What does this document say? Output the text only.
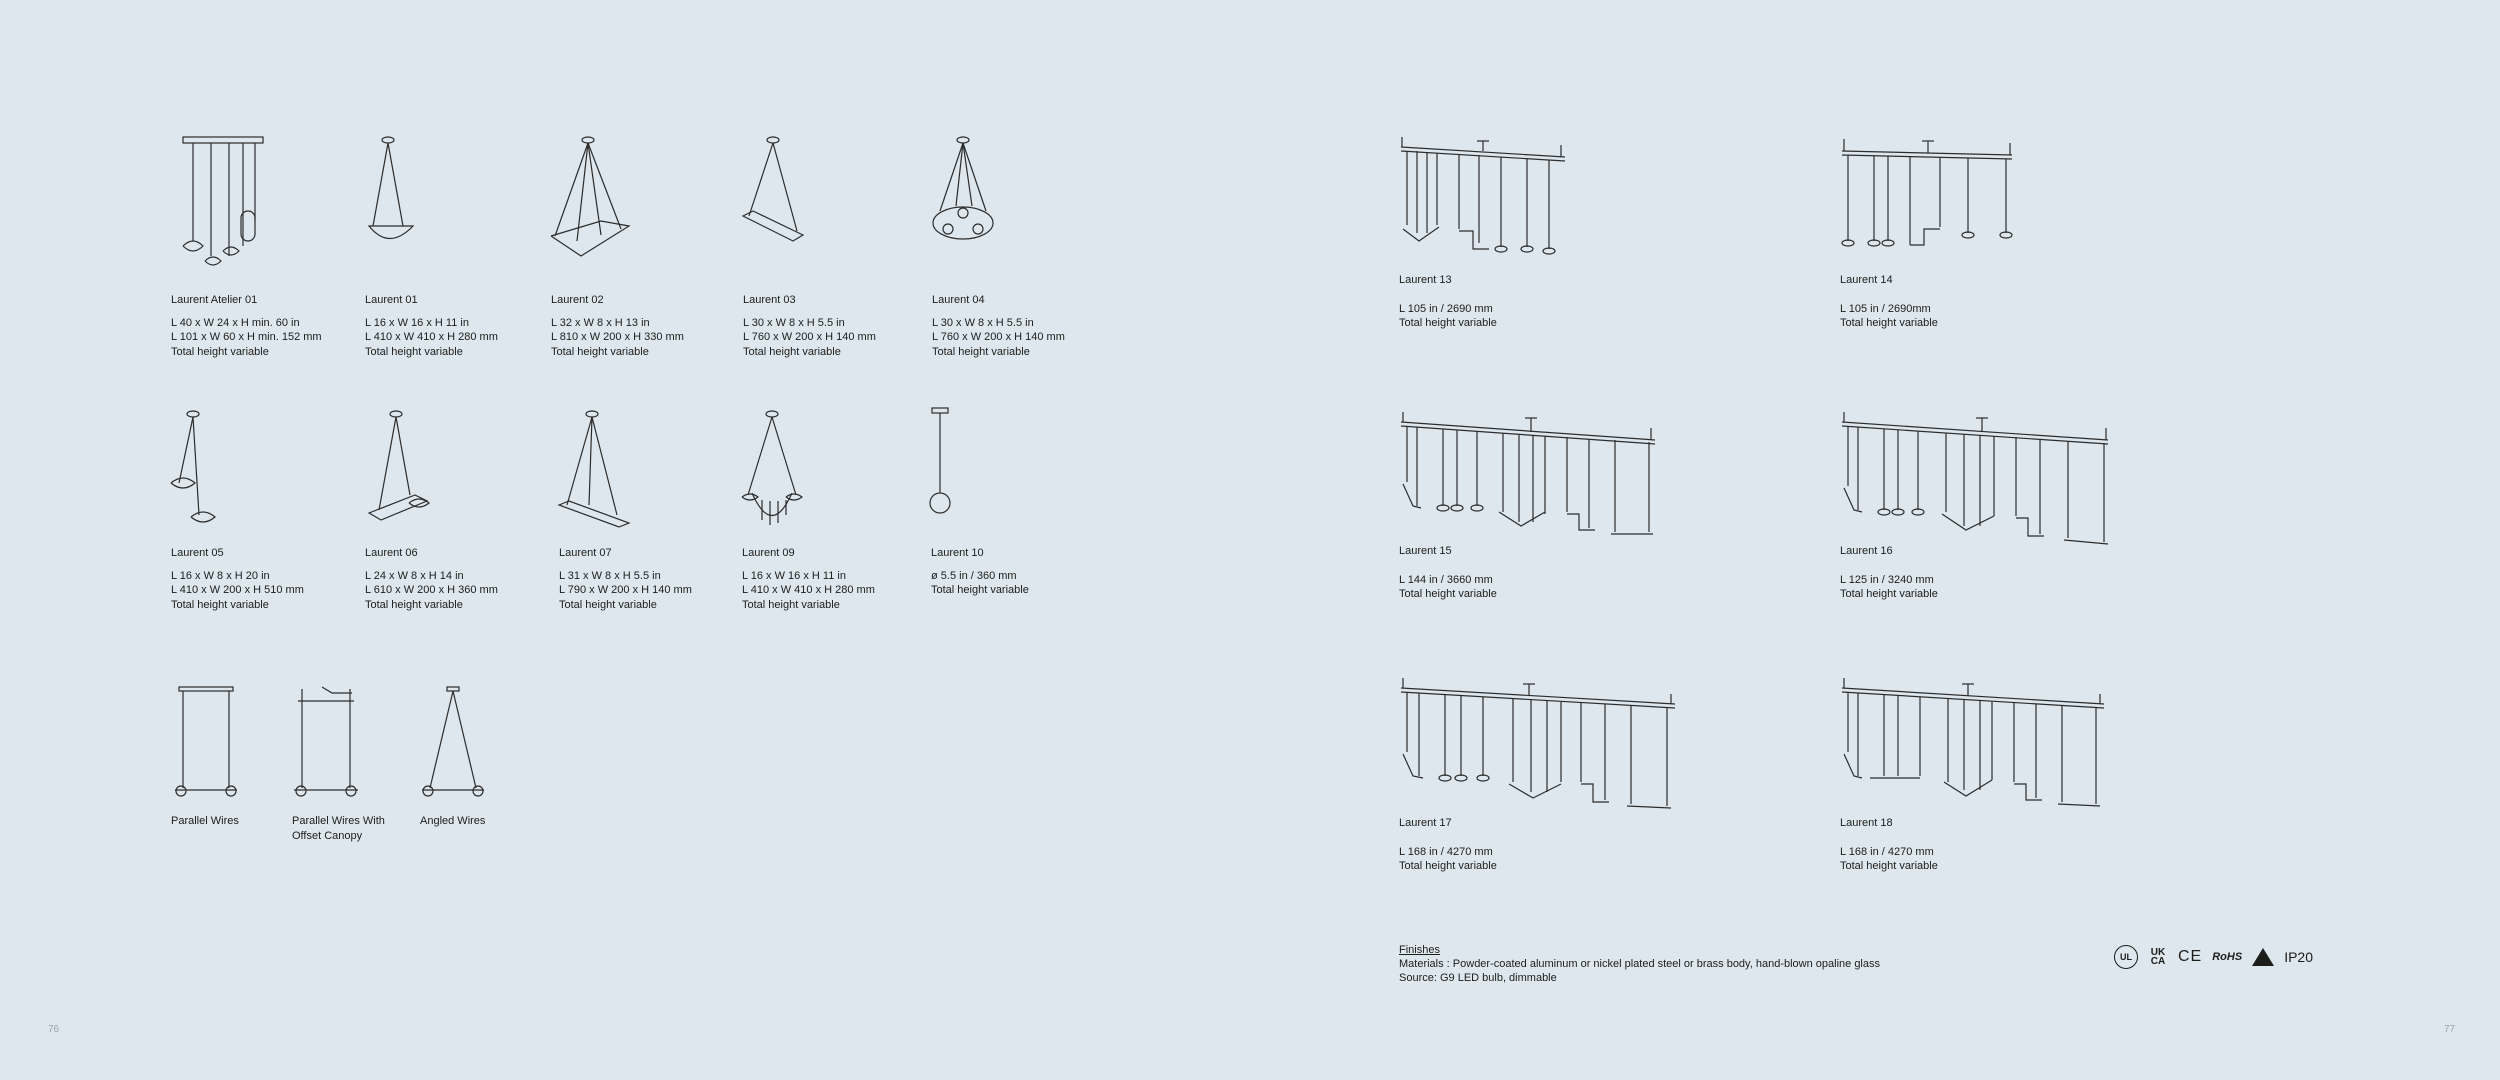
Laurent Atelier 01
L 40 x W 24 x H min. 60 in
L 101 x W 60 x H min. 152 mm
Total height variable
Laurent 01
L 16 x W 16 x H 11 in
L 410 x W 410 x H 280 mm
Total height variable
Laurent 02
L 32 x W 8 x H 13 in
L 810 x W 200 x H 330 mm
Total height variable
Laurent 03
L 30 x W 8 x H 5.5 in
L 760 x W 200 x H 140 mm
Total height variable
Laurent 04
L 30 x W 8 x H 5.5 in
L 760 x W 200 x H 140 mm
Total height variable
Laurent 05
L 16 x W 8 x H 20 in
L 410 x W 200 x H 510 mm
Total height variable
Laurent 06
L 24 x W 8 x H 14 in
L 610 x W 200 x H 360 mm
Total height variable
Laurent 07
L 31 x W 8 x H 5.5 in
L 790 x W 200 x H 140 mm
Total height variable
Laurent 09
L 16 x W 16 x H 11 in
L 410 x W 410 x H 280 mm
Total height variable
Laurent 10
ø 5.5 in / 360 mm
Total height variable
Parallel Wires	Parallel Wires With Offset Canopy
Angled Wires
76
Laurent 13
L 105 in / 2690 mm
Total height variable
Laurent 14
L 105 in / 2690mm
Total height variable
Laurent 15
L 144 in / 3660 mm
Total height variable
Laurent 16
L 125 in / 3240 mm
Total height variable
Laurent 17
L 168 in / 4270 mm
Total height variable
Laurent 18
L 168 in / 4270 mm
Total height variable
Finishes
Materials : Powder-coated aluminum or nickel plated steel or brass body, hand-blown opaline glass
Source: G9 LED bulb, dimmable
UL	UK CA CE RoHS	IP20
77
